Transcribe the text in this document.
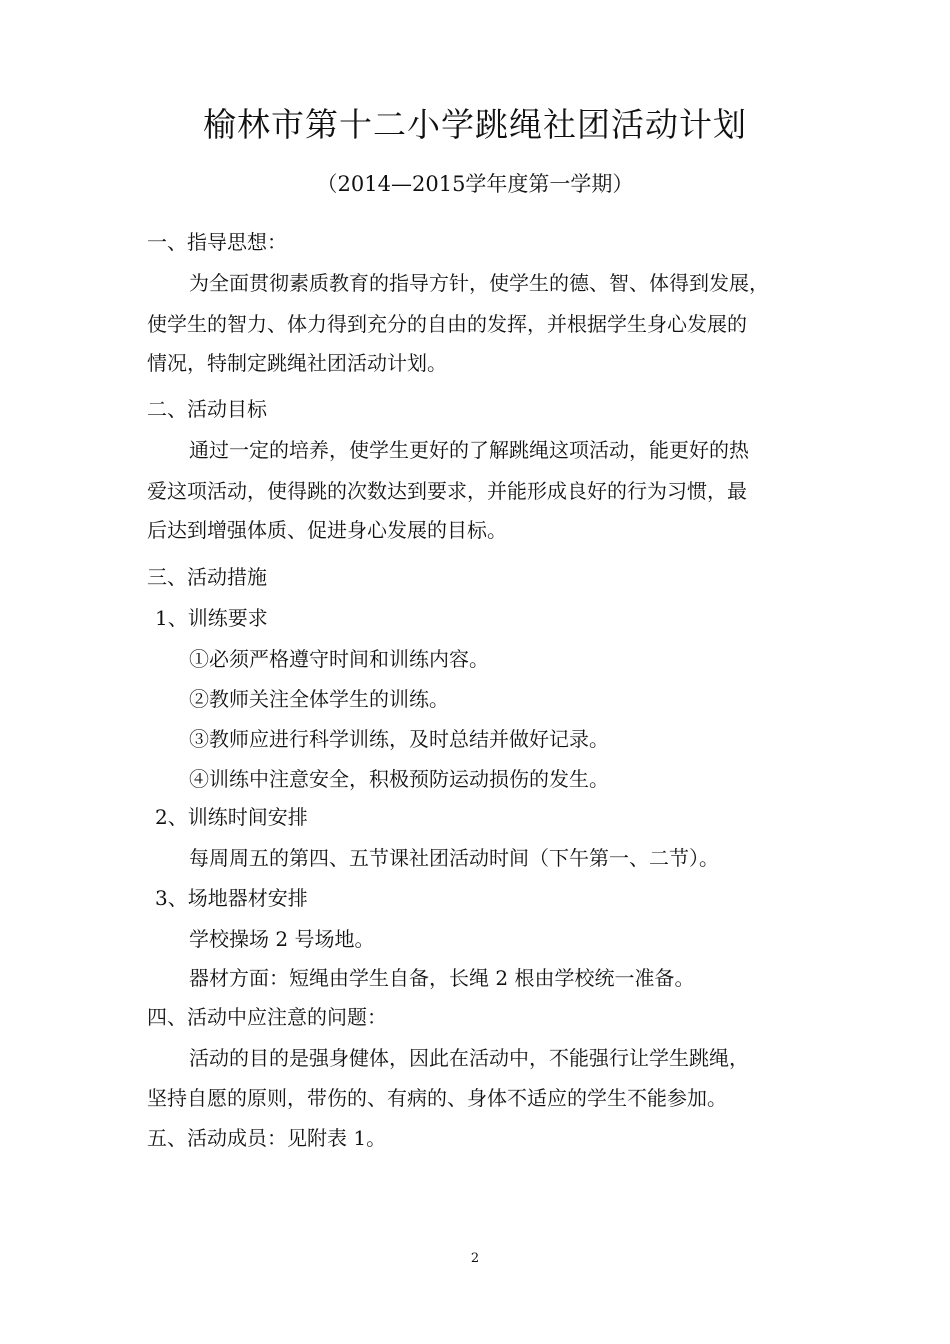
榆林市第十二小学跳绳社团活动计划
（2014—2015学年度第一学期）
一、指导思想：
为全面贯彻素质教育的指导方针，使学生的德、智、体得到发展，
使学生的智力、体力得到充分的自由的发挥，并根据学生身心发展的
情况，特制定跳绳社团活动计划。
二、活动目标
通过一定的培养，使学生更好的了解跳绳这项活动，能更好的热
爱这项活动，使得跳的次数达到要求，并能形成良好的行为习惯，最
后达到增强体质、促进身心发展的目标。
三、活动措施
1、训练要求
①必须严格遵守时间和训练内容。
②教师关注全体学生的训练。
③教师应进行科学训练，及时总结并做好记录。
④训练中注意安全，积极预防运动损伤的发生。
2、训练时间安排
每周周五的第四、五节课社团活动时间（下午第一、二节）。
3、场地器材安排
学校操场 2 号场地。
器材方面：短绳由学生自备，长绳 2 根由学校统一准备。
四、活动中应注意的问题：
活动的目的是强身健体，因此在活动中，不能强行让学生跳绳，
坚持自愿的原则，带伤的、有病的、身体不适应的学生不能参加。
五、活动成员：见附表 1。
2
